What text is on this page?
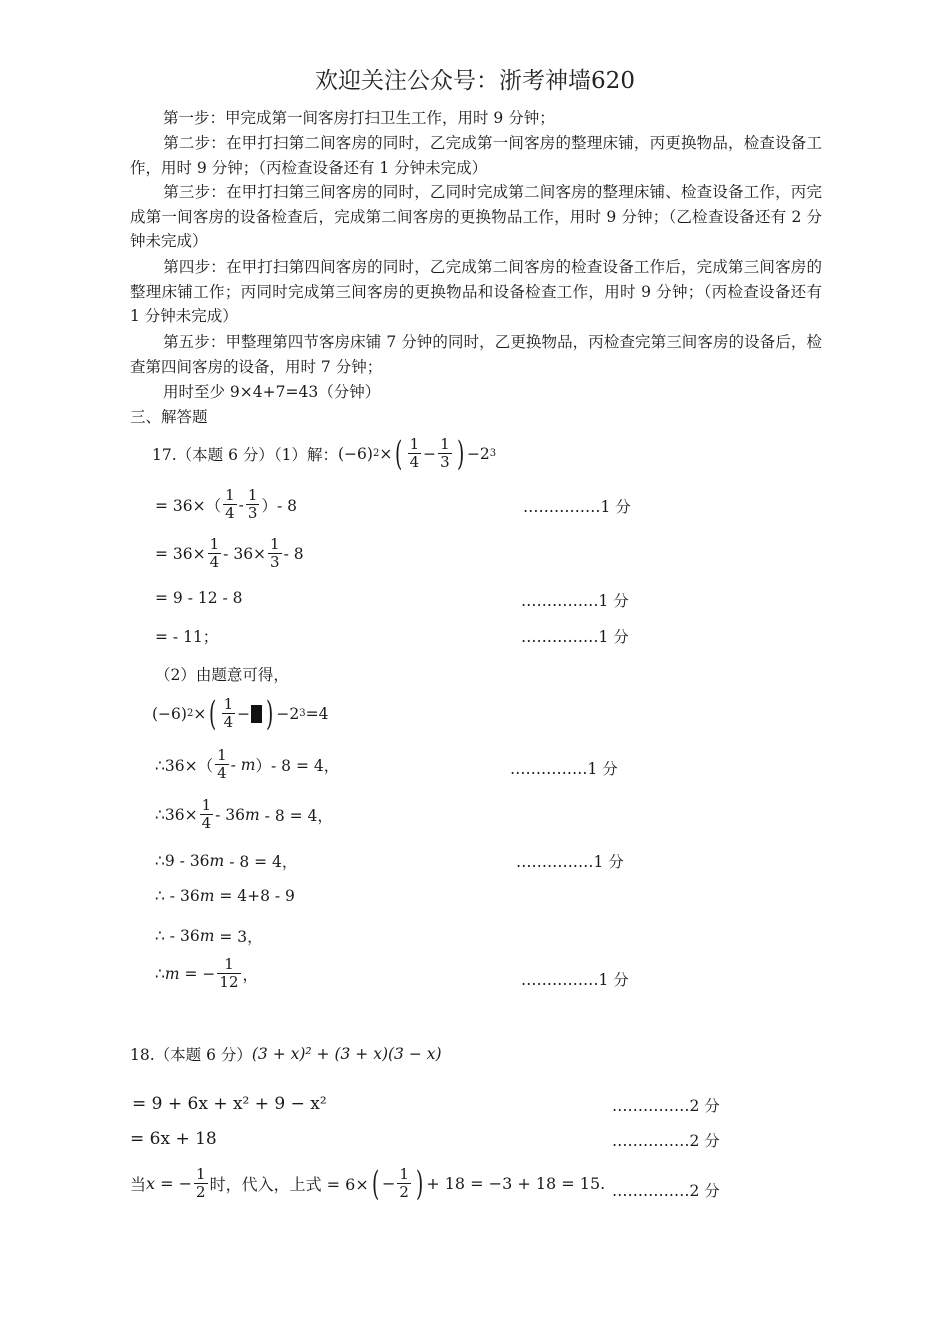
欢迎关注公众号：浙考神墙620
第一步：甲完成第一间客房打扫卫生工作，用时 9 分钟；
第二步：在甲打扫第二间客房的同时，乙完成第一间客房的整理床铺，丙更换物品，检查设备工作，用时 9 分钟；（丙检查设备还有 1 分钟未完成）
第三步：在甲打扫第三间客房的同时，乙同时完成第二间客房的整理床铺、检查设备工作，丙完成第一间客房的设备检查后，完成第二间客房的更换物品工作，用时 9 分钟；（乙检查设备还有 2 分钟未完成）
第四步：在甲打扫第四间客房的同时，乙完成第二间客房的检查设备工作后，完成第三间客房的整理床铺工作；丙同时完成第三间客房的更换物品和设备检查工作，用时 9 分钟；（丙检查设备还有 1 分钟未完成）
第五步：甲整理第四节客房床铺 7 分钟的同时，乙更换物品，丙检查完第三间客房的设备后，检查第四间客房的设备，用时 7 分钟；
用时至少 9×4+7=43（分钟）
三、解答题
17.（本题 6 分）（1）解： (−6) 2 × ( $\frac{1}{4} - \frac{1}{3}$ ) −2 3
= $36\times( \frac{1}{4} - \frac{1}{3}$ ）- 8	……………1 分
= $36\times \frac{1}{4} - 36\times \frac{1}{3} - 8$
= 9 - 12 - 8	……………1 分
= - 11；	……………1 分
（2）由题意可得，
(−6) 2 × ( $\frac{1}{4}$ − ) −2 3 =4
∴36×（ $\frac{1}{4}$ - m ）- 8 = 4，	……………1 分
∴36× $\frac{1}{4} - 36$ m
- 8 = 4，
∴9 - 36 m
- 8 = 4，	……………1 分
∴ - 36 m
= 4+8 - 9
∴ - 36 m
= 3，
∴ m
= − $\frac{1}{12}$ ，	……………1 分
18.（本题 6 分） (3 + x)² + (3 + x)(3 − x)
= 9 + 6x + x² + 9 − x²	……………2 分
= 6x + 18	……………2 分
当 x = − $\frac{1}{2}$ 时，代入，上式 = 6× ( − $\frac{1}{2}$ ) + 18 = −3 + 18 = 15 . ……………2 分
